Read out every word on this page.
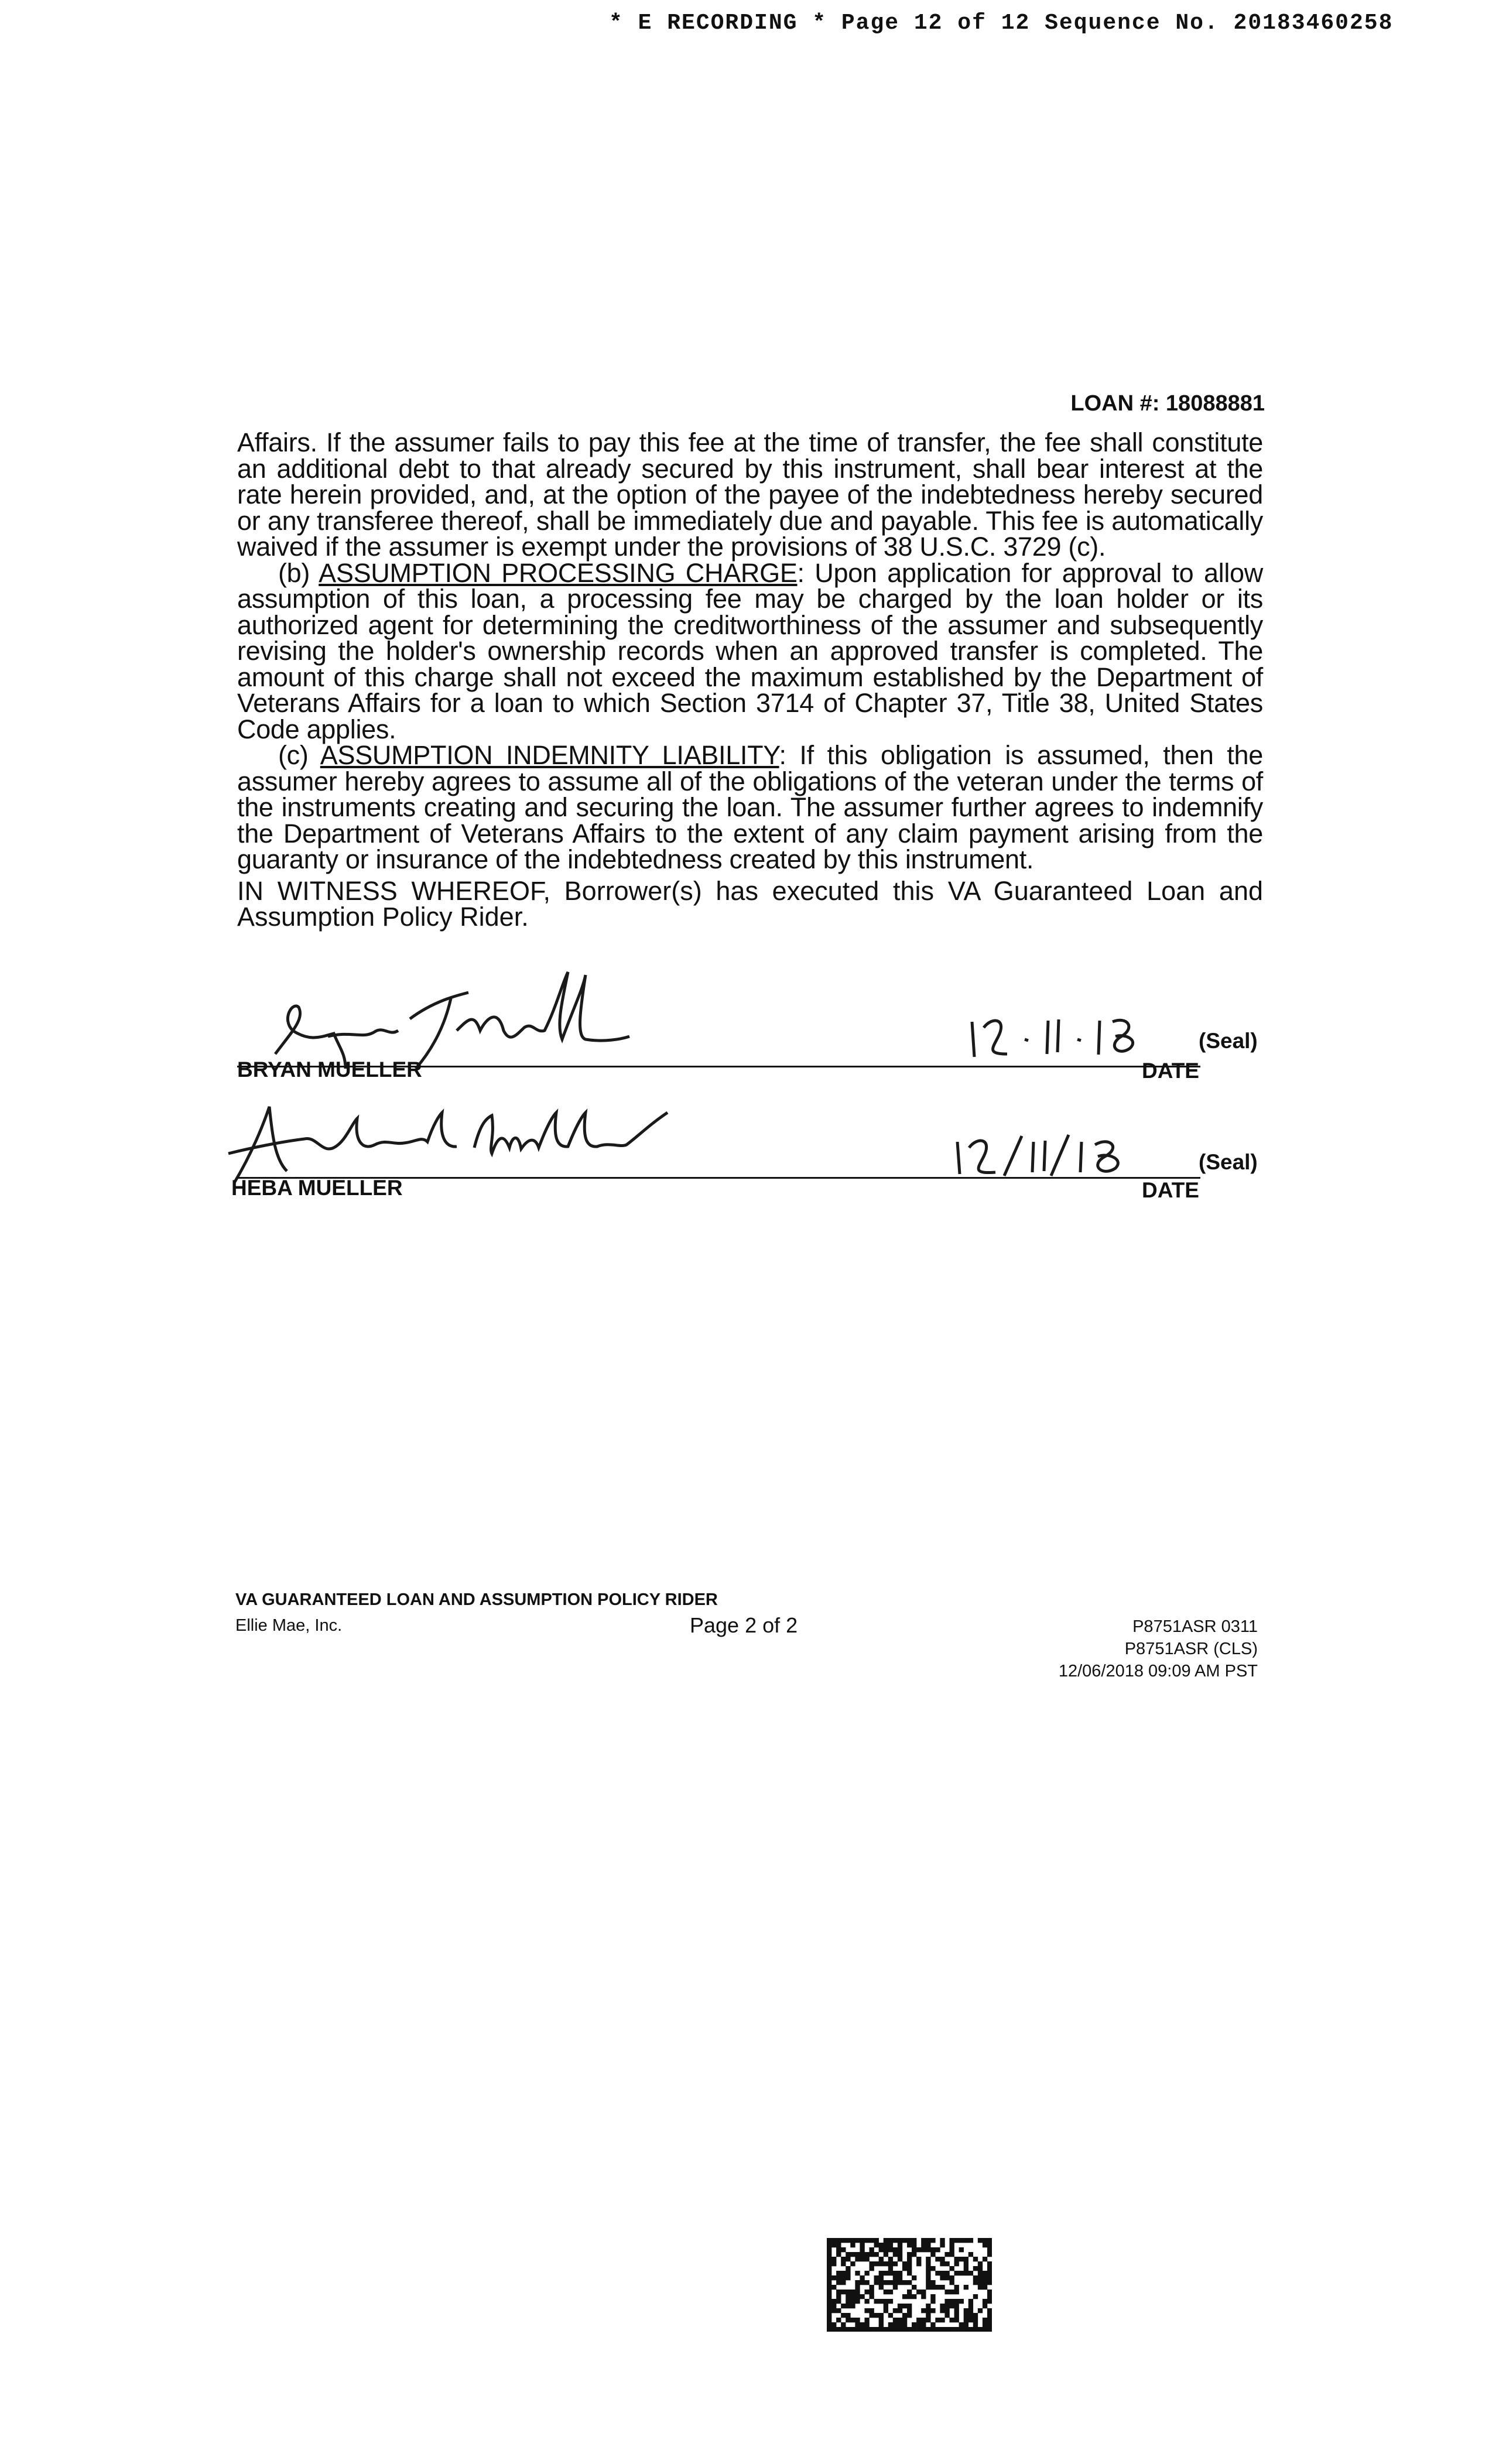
* E RECORDING * Page 12 of 12 Sequence No. 20183460258
LOAN #: 18088881

Affairs. If the assumer fails to pay this fee at the time of transfer, the fee shall constitute an additional debt to that already secured by this instrument, shall bear interest at the rate herein provided, and, at the option of the payee of the indebtedness hereby secured or any transferee thereof, shall be immediately due and payable. This fee is automatically waived if the assumer is exempt under the provisions of 38 U.S.C. 3729 (c).

(b) ASSUMPTION PROCESSING CHARGE: Upon application for approval to allow assumption of this loan, a processing fee may be charged by the loan holder or its authorized agent for determining the creditworthiness of the assumer and subsequently revising the holder's ownership records when an approved transfer is completed. The amount of this charge shall not exceed the maximum established by the Department of Veterans Affairs for a loan to which Section 3714 of Chapter 37, Title 38, United States Code applies.

(c) ASSUMPTION INDEMNITY LIABILITY: If this obligation is assumed, then the assumer hereby agrees to assume all of the obligations of the veteran under the terms of the instruments creating and securing the loan. The assumer further agrees to indemnify the Department of Veterans Affairs to the extent of any claim payment arising from the guaranty or insurance of the indebtedness created by this instrument.

IN WITNESS WHEREOF, Borrower(s) has executed this VA Guaranteed Loan and Assumption Policy Rider.
(Seal)
BRYAN MUELLER	DATE
(Seal)
HEBA MUELLER	DATE
VA GUARANTEED LOAN AND ASSUMPTION POLICY RIDER
Ellie Mae, Inc.	Page 2 of 2	P8751ASR 0311
P8751ASR (CLS)
12/06/2018 09:09 AM PST
